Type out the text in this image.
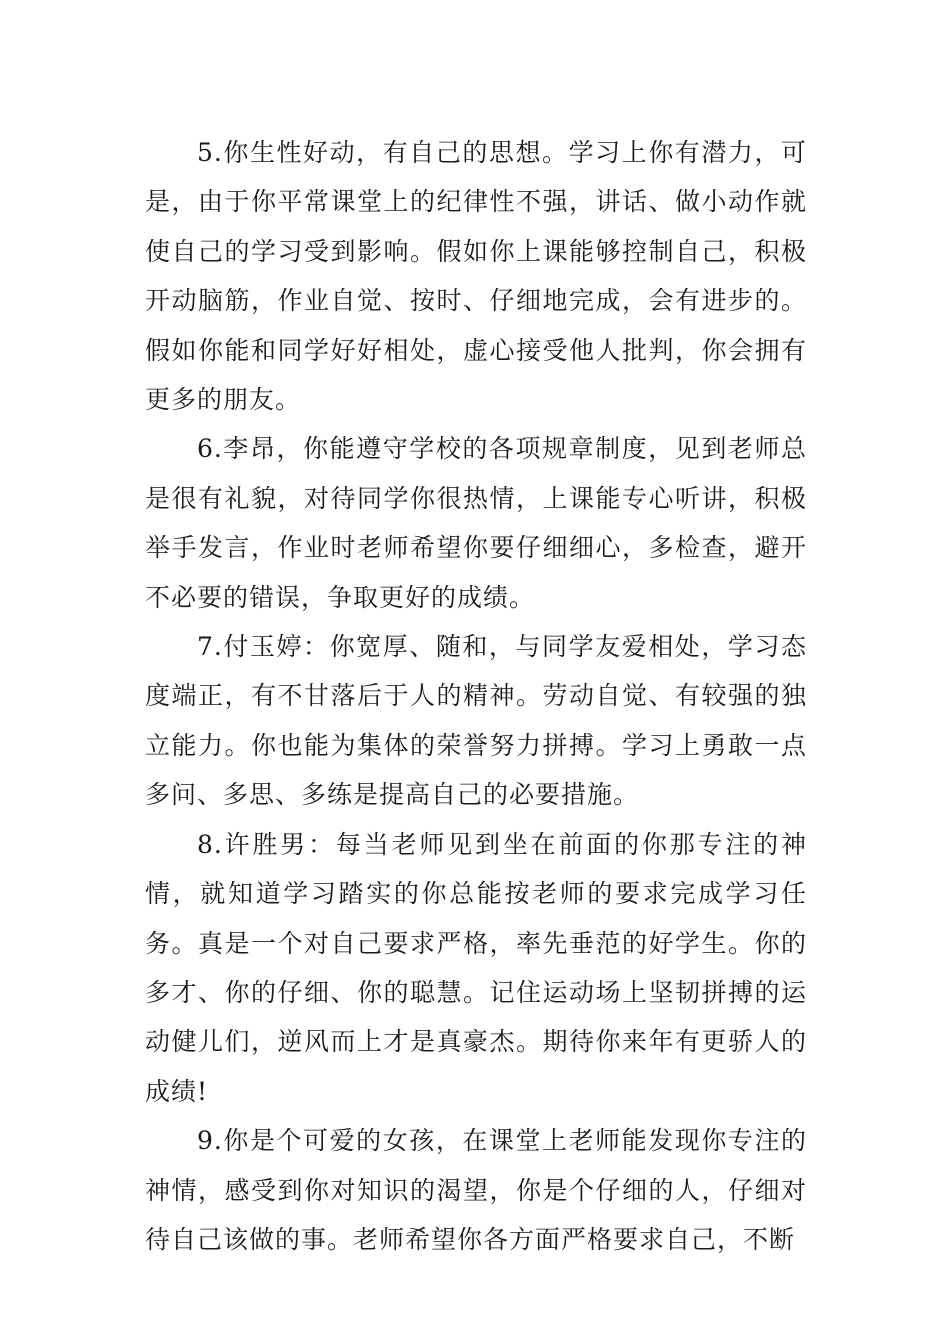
5.你生性好动，有自己的思想。学习上你有潜力，可是，由于你平常课堂上的纪律性不强，讲话、做小动作就使自己的学习受到影响。假如你上课能够控制自己，积极开动脑筋，作业自觉、按时、仔细地完成，会有进步的。假如你能和同学好好相处，虚心接受他人批判，你会拥有更多的朋友。

6.李昂，你能遵守学校的各项规章制度，见到老师总是很有礼貌，对待同学你很热情，上课能专心听讲，积极举手发言，作业时老师希望你要仔细细心，多检查，避开不必要的错误，争取更好的成绩。

7.付玉婷：你宽厚、随和，与同学友爱相处，学习态度端正，有不甘落后于人的精神。劳动自觉、有较强的独立能力。你也能为集体的荣誉努力拼搏。学习上勇敢一点多问、多思、多练是提高自己的必要措施。

8.许胜男：每当老师见到坐在前面的你那专注的神情，就知道学习踏实的你总能按老师的要求完成学习任务。真是一个对自己要求严格，率先垂范的好学生。你的多才、你的仔细、你的聪慧。记住运动场上坚韧拼搏的运动健儿们，逆风而上才是真豪杰。期待你来年有更骄人的成绩!

9.你是个可爱的女孩，在课堂上老师能发现你专注的神情，感受到你对知识的渴望，你是个仔细的人，仔细对待自己该做的事。老师希望你各方面严格要求自己，不断
